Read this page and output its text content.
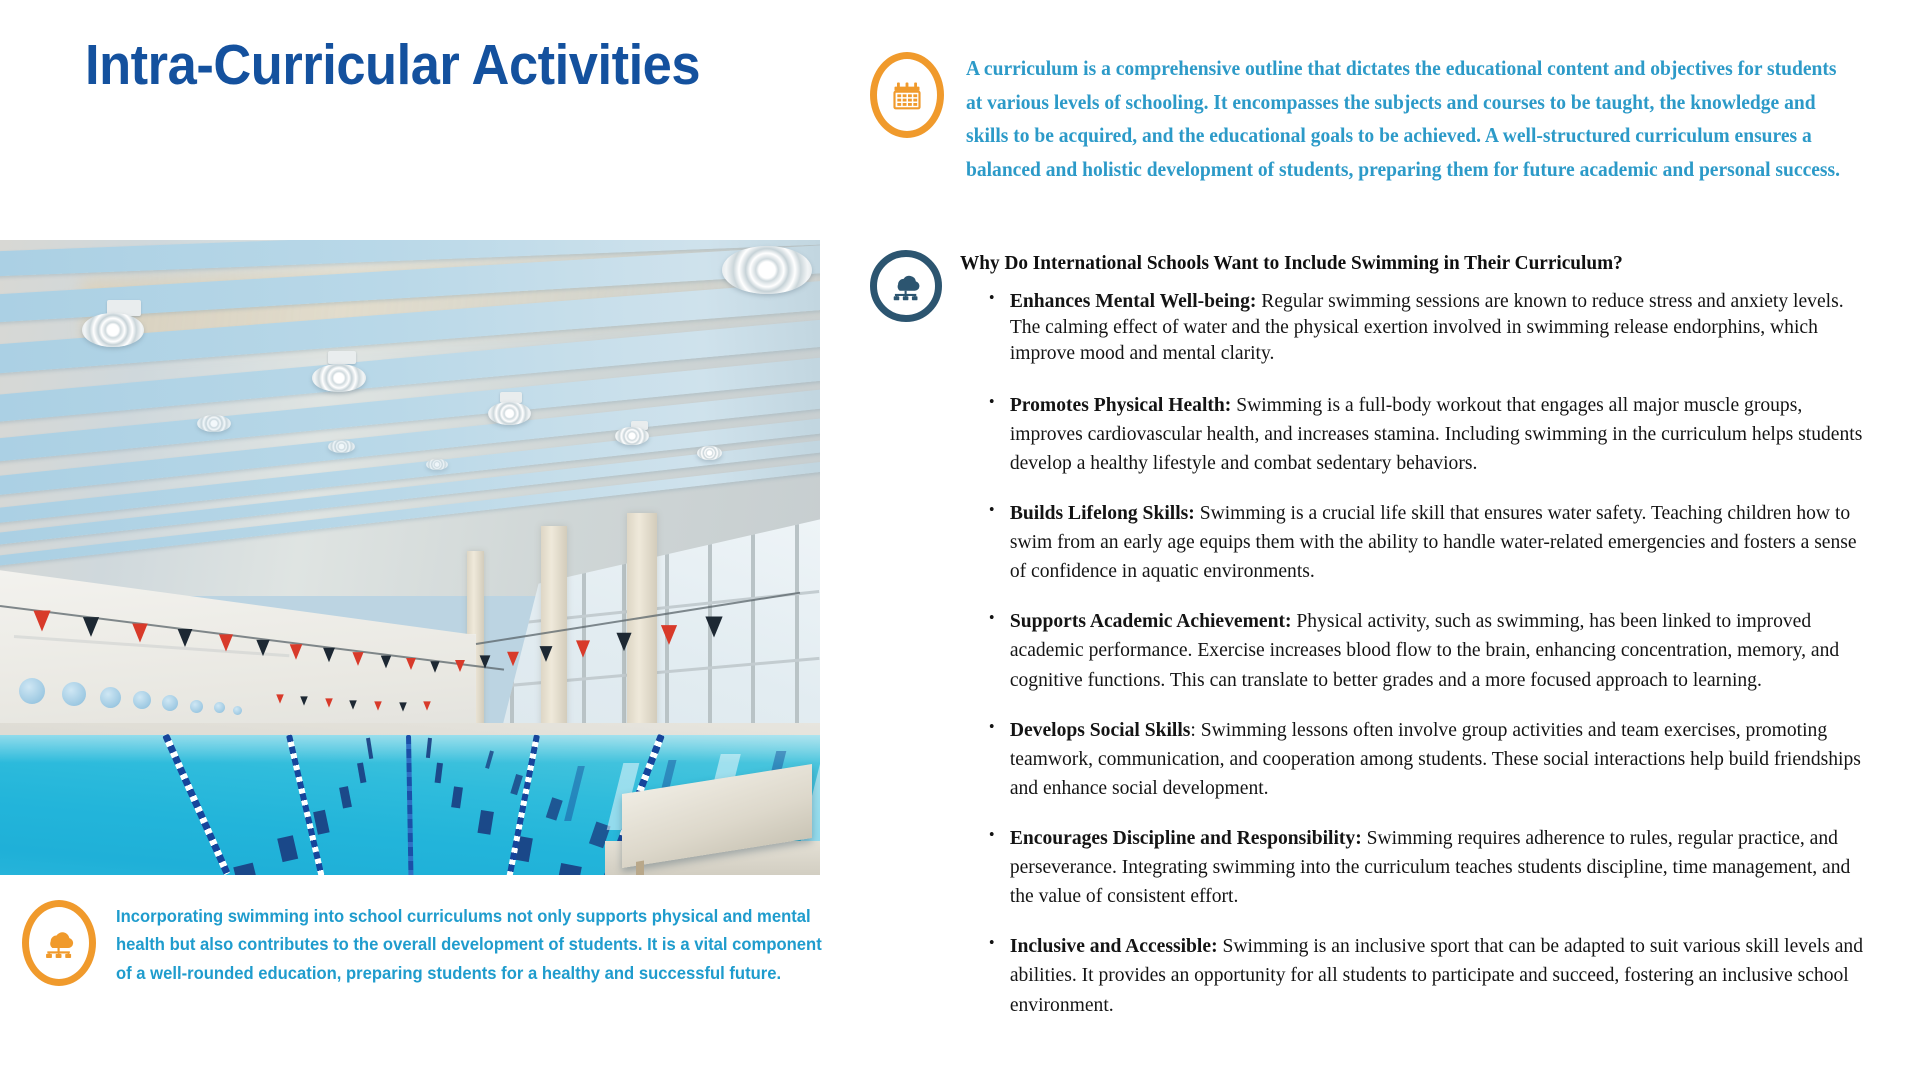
Intra-Curricular Activities
Incorporating swimming into school curriculums not only supports physical and mental health but also contributes to the overall development of students. It is a vital component of a well-rounded education, preparing students for a healthy and successful future.
A curriculum is a comprehensive outline that dictates the educational content and objectives for students at various levels of schooling. It encompasses the subjects and courses to be taught, the knowledge and skills to be acquired, and the educational goals to be achieved. A well-structured curriculum ensures a balanced and holistic development of students, preparing them for future academic and personal success.
Why Do International Schools Want to Include Swimming in Their Curriculum?
• Enhances Mental Well-being: Regular swimming sessions are known to reduce stress and anxiety levels. The calming effect of water and the physical exertion involved in swimming release endorphins, which improve mood and mental clarity.
• Promotes Physical Health: Swimming is a full-body workout that engages all major muscle groups, improves cardiovascular health, and increases stamina. Including swimming in the curriculum helps students develop a healthy lifestyle and combat sedentary behaviors.
• Builds Lifelong Skills: Swimming is a crucial life skill that ensures water safety. Teaching children how to swim from an early age equips them with the ability to handle water-related emergencies and fosters a sense of confidence in aquatic environments.
• Supports Academic Achievement: Physical activity, such as swimming, has been linked to improved academic performance. Exercise increases blood flow to the brain, enhancing concentration, memory, and cognitive functions. This can translate to better grades and a more focused approach to learning.
• Develops Social Skills: Swimming lessons often involve group activities and team exercises, promoting teamwork, communication, and cooperation among students. These social interactions help build friendships and enhance social development.
• Encourages Discipline and Responsibility: Swimming requires adherence to rules, regular practice, and perseverance. Integrating swimming into the curriculum teaches students discipline, time management, and the value of consistent effort.
• Inclusive and Accessible: Swimming is an inclusive sport that can be adapted to suit various skill levels and abilities. It provides an opportunity for all students to participate and succeed, fostering an inclusive school environment.
